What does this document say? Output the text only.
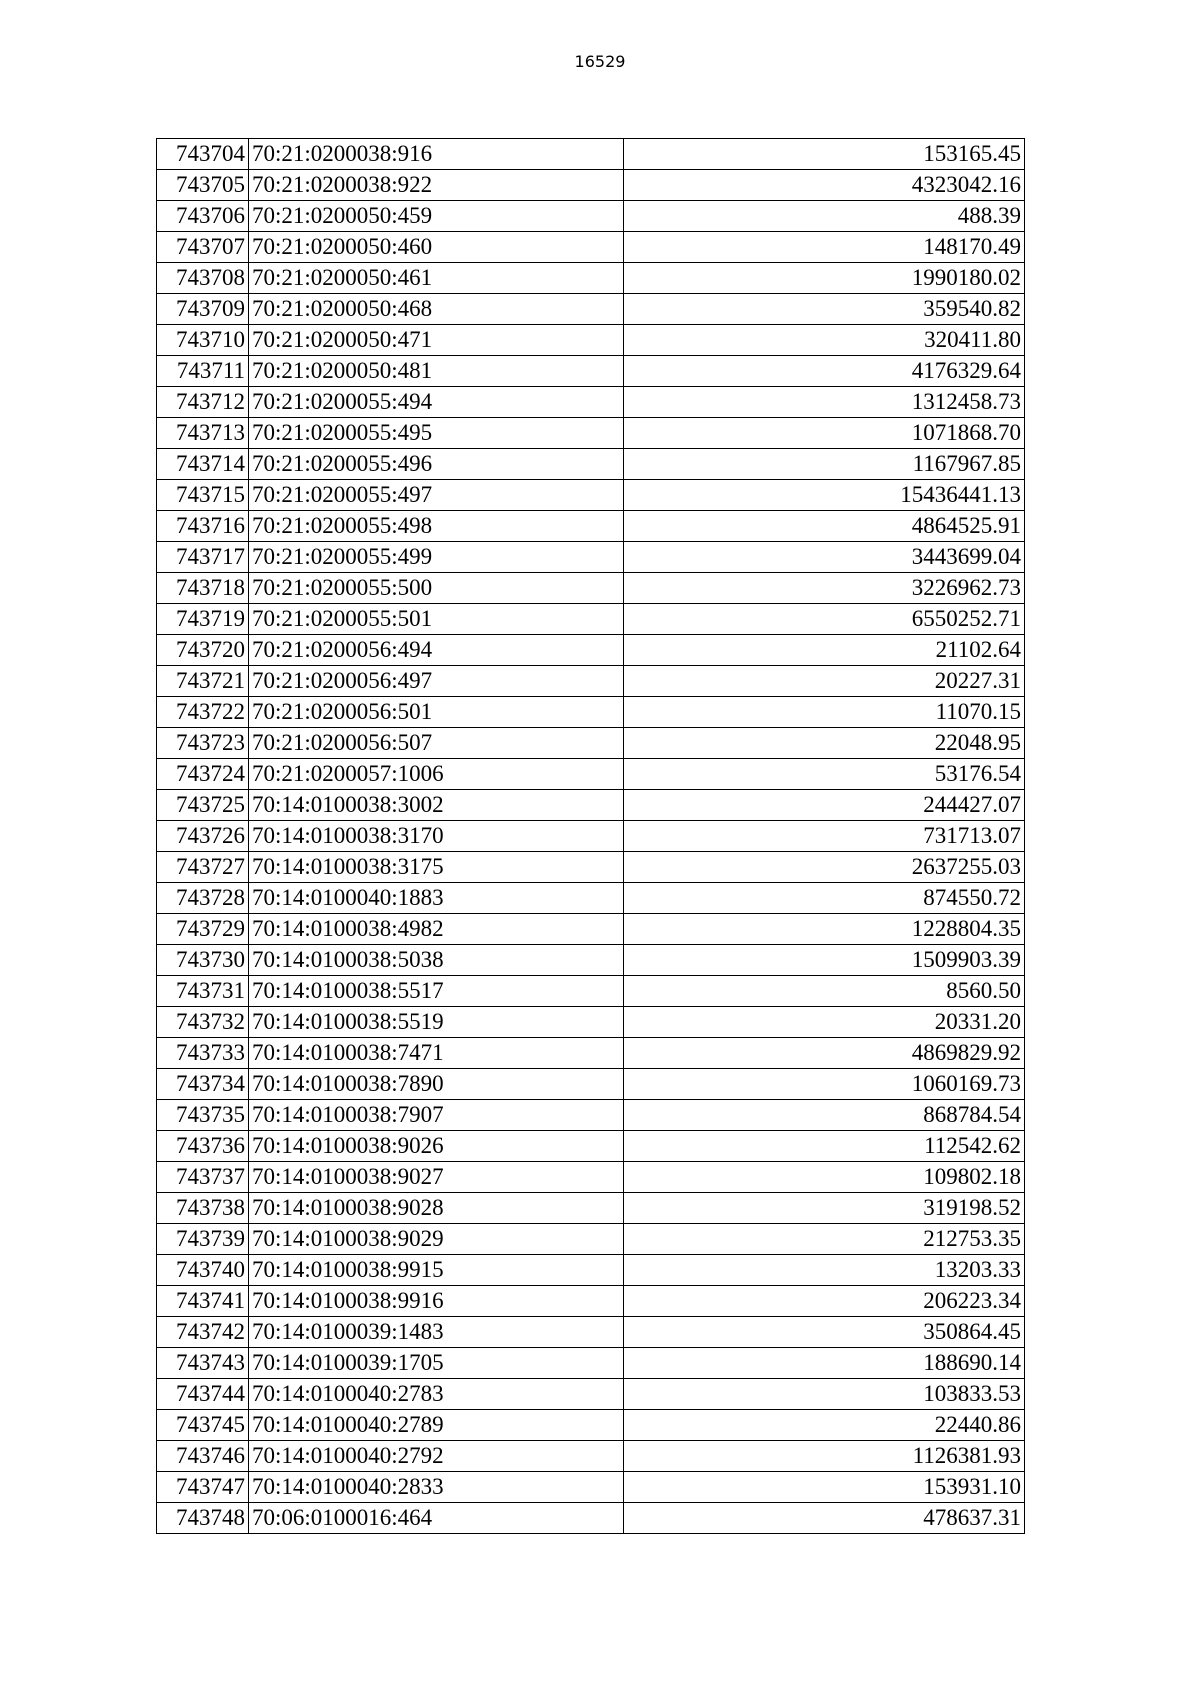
16529
743704	70:21:0200038:916	153165.45
743705	70:21:0200038:922	4323042.16
743706	70:21:0200050:459	488.39
743707	70:21:0200050:460	148170.49
743708	70:21:0200050:461	1990180.02
743709	70:21:0200050:468	359540.82
743710	70:21:0200050:471	320411.80
743711	70:21:0200050:481	4176329.64
743712	70:21:0200055:494	1312458.73
743713	70:21:0200055:495	1071868.70
743714	70:21:0200055:496	1167967.85
743715	70:21:0200055:497	15436441.13
743716	70:21:0200055:498	4864525.91
743717	70:21:0200055:499	3443699.04
743718	70:21:0200055:500	3226962.73
743719	70:21:0200055:501	6550252.71
743720	70:21:0200056:494	21102.64
743721	70:21:0200056:497	20227.31
743722	70:21:0200056:501	11070.15
743723	70:21:0200056:507	22048.95
743724	70:21:0200057:1006	53176.54
743725	70:14:0100038:3002	244427.07
743726	70:14:0100038:3170	731713.07
743727	70:14:0100038:3175	2637255.03
743728	70:14:0100040:1883	874550.72
743729	70:14:0100038:4982	1228804.35
743730	70:14:0100038:5038	1509903.39
743731	70:14:0100038:5517	8560.50
743732	70:14:0100038:5519	20331.20
743733	70:14:0100038:7471	4869829.92
743734	70:14:0100038:7890	1060169.73
743735	70:14:0100038:7907	868784.54
743736	70:14:0100038:9026	112542.62
743737	70:14:0100038:9027	109802.18
743738	70:14:0100038:9028	319198.52
743739	70:14:0100038:9029	212753.35
743740	70:14:0100038:9915	13203.33
743741	70:14:0100038:9916	206223.34
743742	70:14:0100039:1483	350864.45
743743	70:14:0100039:1705	188690.14
743744	70:14:0100040:2783	103833.53
743745	70:14:0100040:2789	22440.86
743746	70:14:0100040:2792	1126381.93
743747	70:14:0100040:2833	153931.10
743748	70:06:0100016:464	478637.31
